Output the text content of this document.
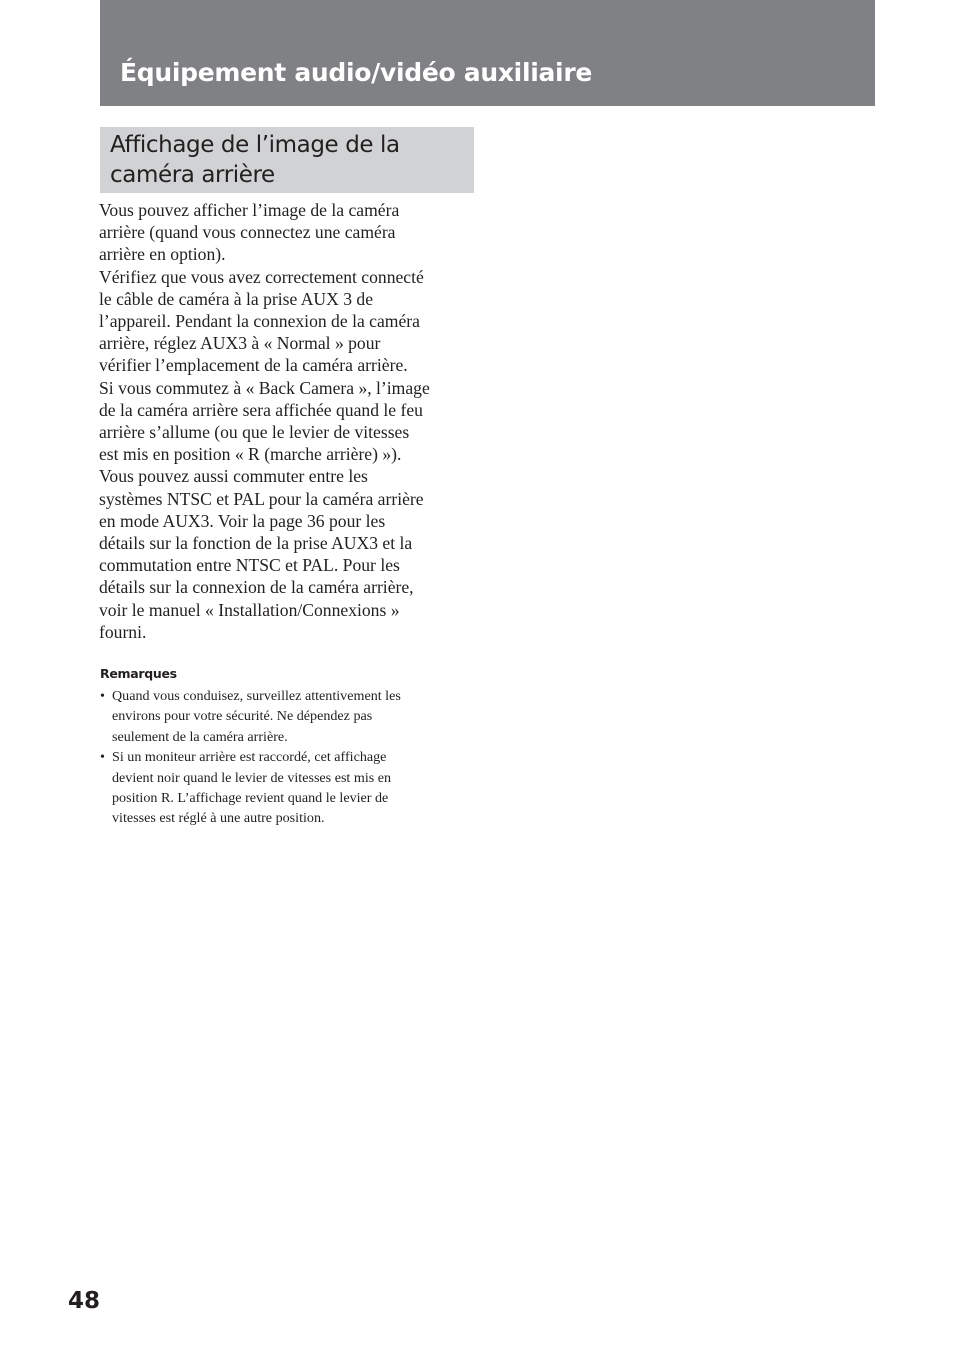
Équipement audio/vidéo auxiliaire
Affichage de l’image de la
caméra arrière

Vous pouvez afficher l’image de la caméra
arrière (quand vous connectez une caméra
arrière en option).
Vérifiez que vous avez correctement connecté
le câble de caméra à la prise AUX 3 de
l’appareil. Pendant la connexion de la caméra
arrière, réglez AUX3 à « Normal » pour
vérifier l’emplacement de la caméra arrière.
Si vous commutez à « Back Camera », l’image
de la caméra arrière sera affichée quand le feu
arrière s’allume (ou que le levier de vitesses
est mis en position « R (marche arrière) »).
Vous pouvez aussi commuter entre les
systèmes NTSC et PAL pour la caméra arrière
en mode AUX3. Voir la page 36 pour les
détails sur la fonction de la prise AUX3 et la
commutation entre NTSC et PAL. Pour les
détails sur la connexion de la caméra arrière,
voir le manuel « Installation/Connexions »
fourni.

Remarques
• Quand vous conduisez, surveillez attentivement les
environs pour votre sécurité. Ne dépendez pas
seulement de la caméra arrière.
• Si un moniteur arrière est raccordé, cet affichage
devient noir quand le levier de vitesses est mis en
position R. L’affichage revient quand le levier de
vitesses est réglé à une autre position.
48
